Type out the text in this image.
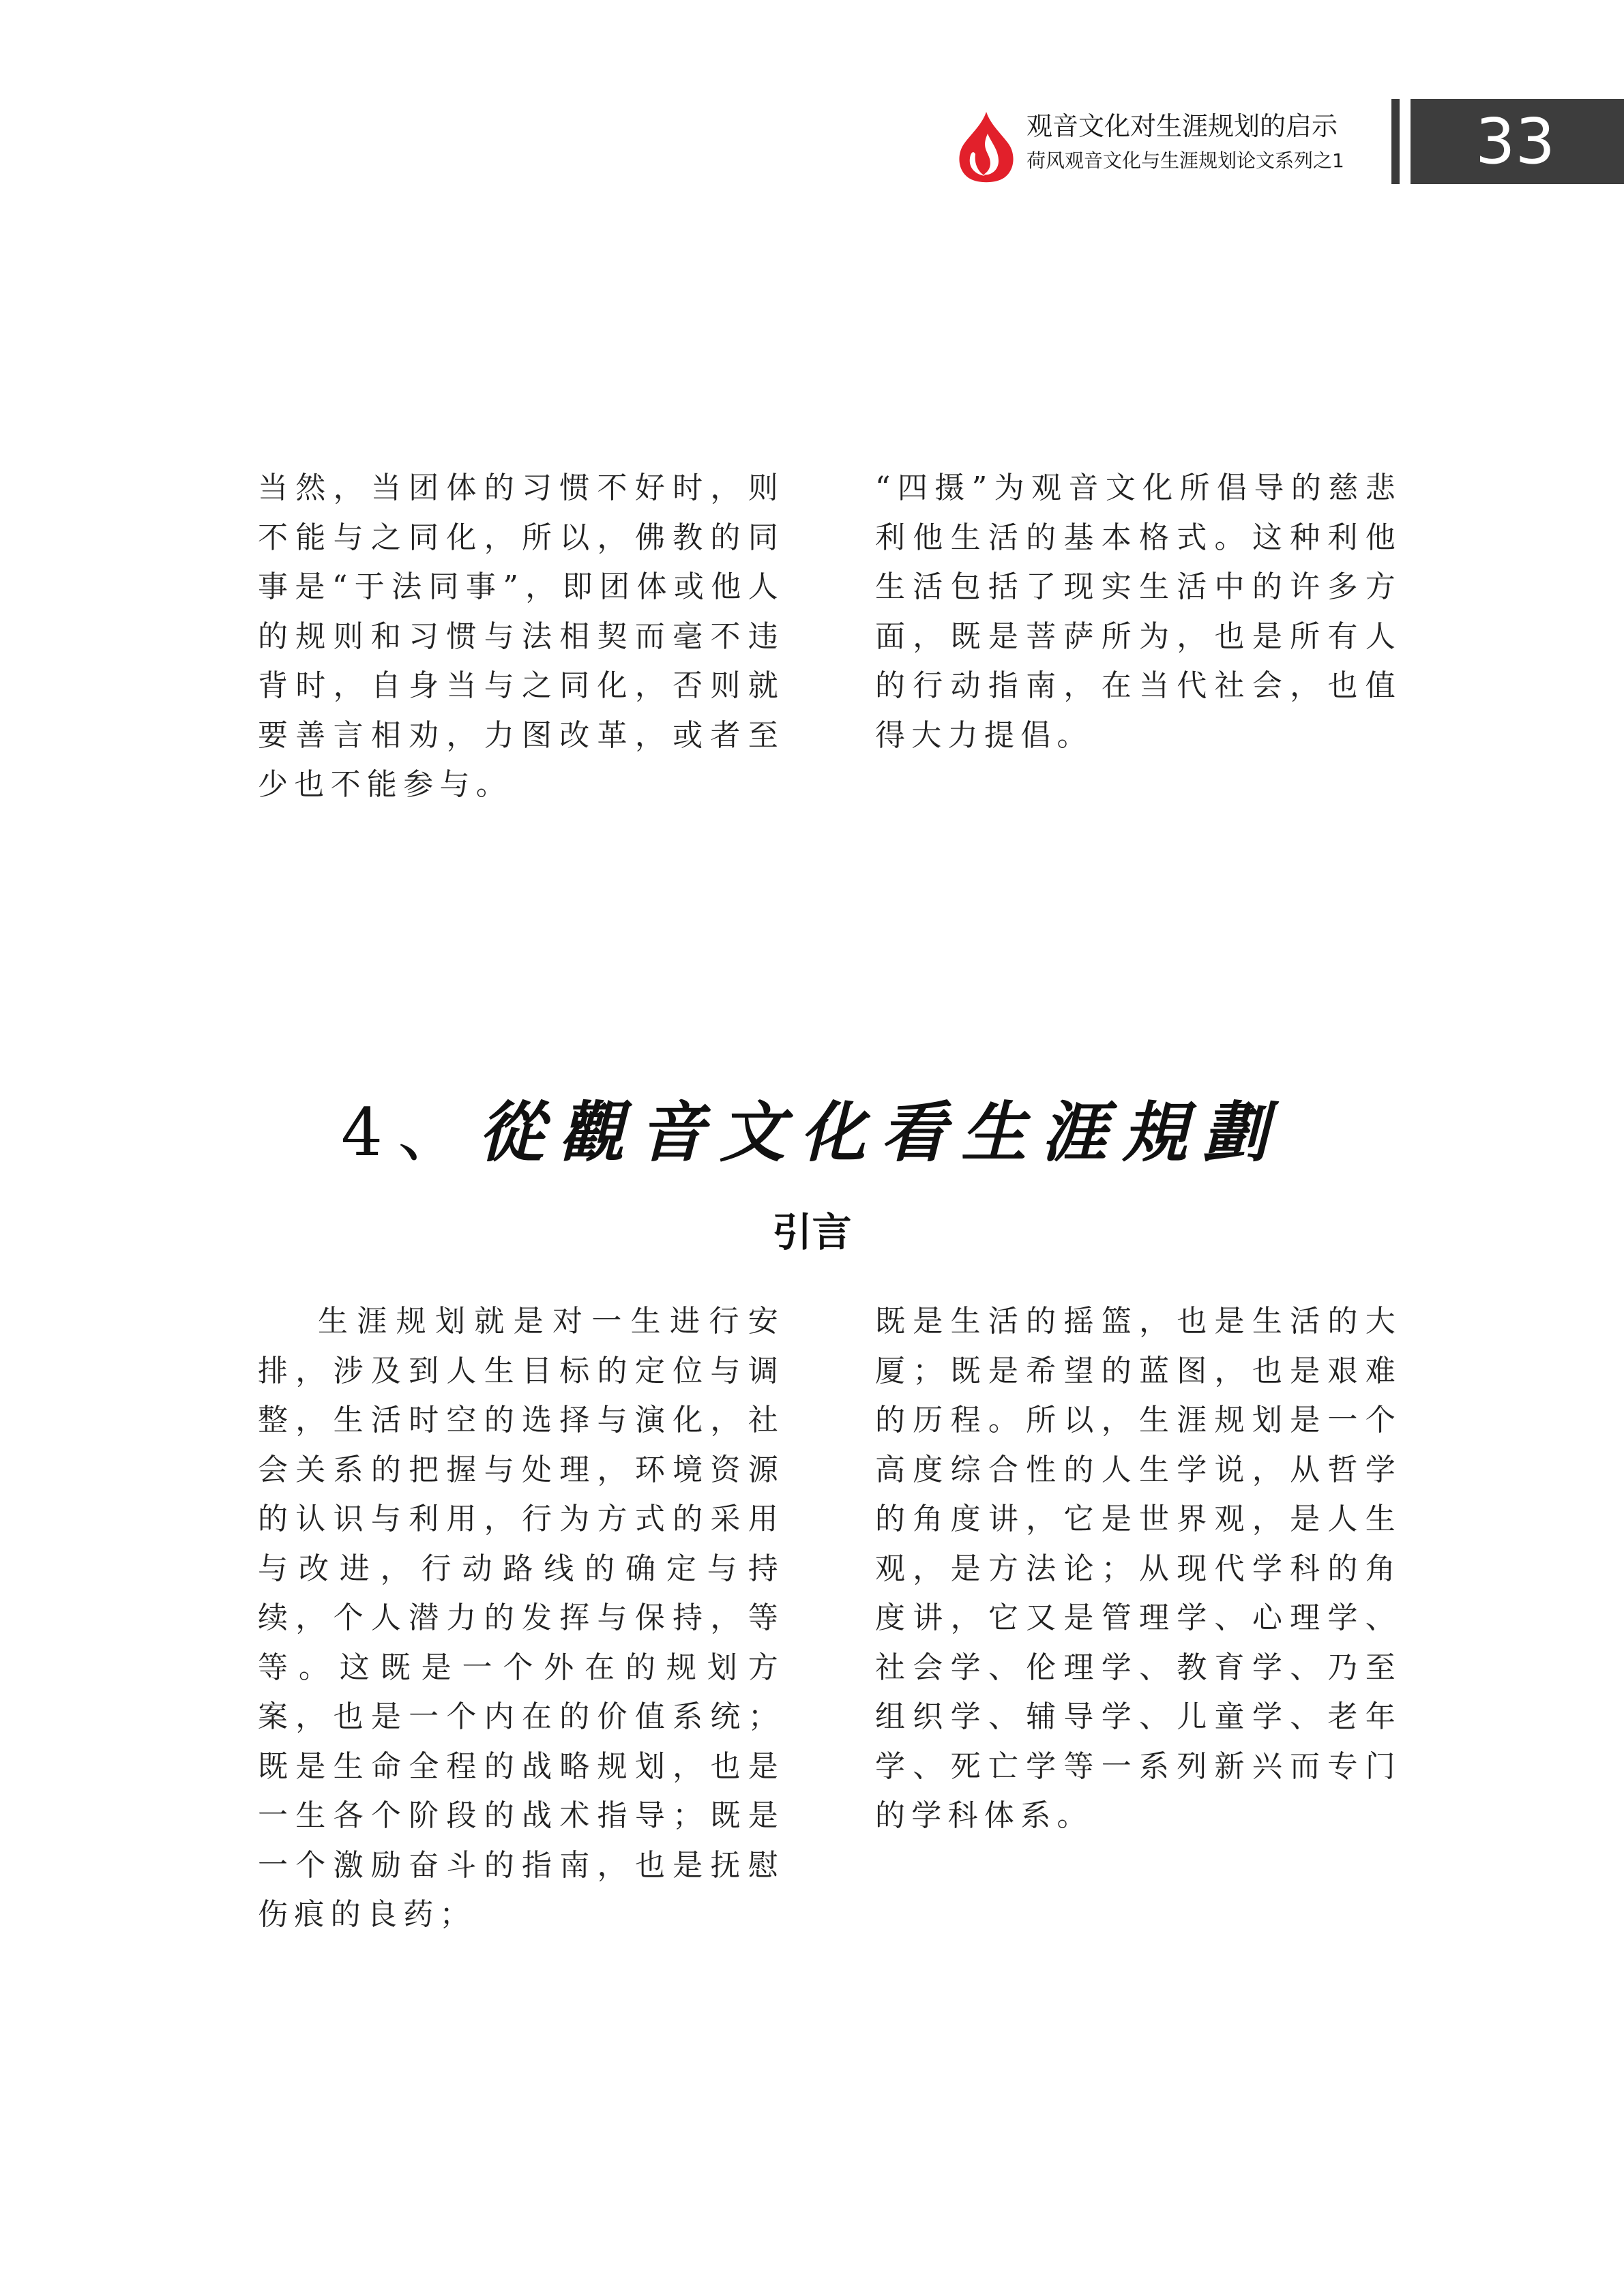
观音文化对生涯规划的启示
荷风观音文化与生涯规划论文系列之1	33

当然，当团体的习惯不好时，则不能与之同化，所以，佛教的同事是“于法同事”，即团体或他人的规则和习惯与法相契而毫不违背时，自身当与之同化，否则就要善言相劝，力图改革，或者至少也不能参与。

“四摄”为观音文化所倡导的慈悲利他生活的基本格式。这种利他生活包括了现实生活中的许多方面，既是菩萨所为，也是所有人的行动指南，在当代社会，也值得大力提倡。

4、從觀音文化看生涯規劃
引言

生涯规划就是对一生进行安排，涉及到人生目标的定位与调整，生活时空的选择与演化，社会关系的把握与处理，环境资源的认识与利用，行为方式的采用与改进，行动路线的确定与持续，个人潜力的发挥与保持，等等。这既是一个外在的规划方案，也是一个内在的价值系统；既是生命全程的战略规划，也是一生各个阶段的战术指导；既是一个激励奋斗的指南，也是抚慰伤痕的良药；

既是生活的摇篮，也是生活的大厦；既是希望的蓝图，也是艰难的历程。所以，生涯规划是一个高度综合性的人生学说，从哲学的角度讲，它是世界观，是人生观，是方法论；从现代学科的角度讲，它又是管理学、心理学、社会学、伦理学、教育学、乃至组织学、辅导学、儿童学、老年学、死亡学等一系列新兴而专门的学科体系。
